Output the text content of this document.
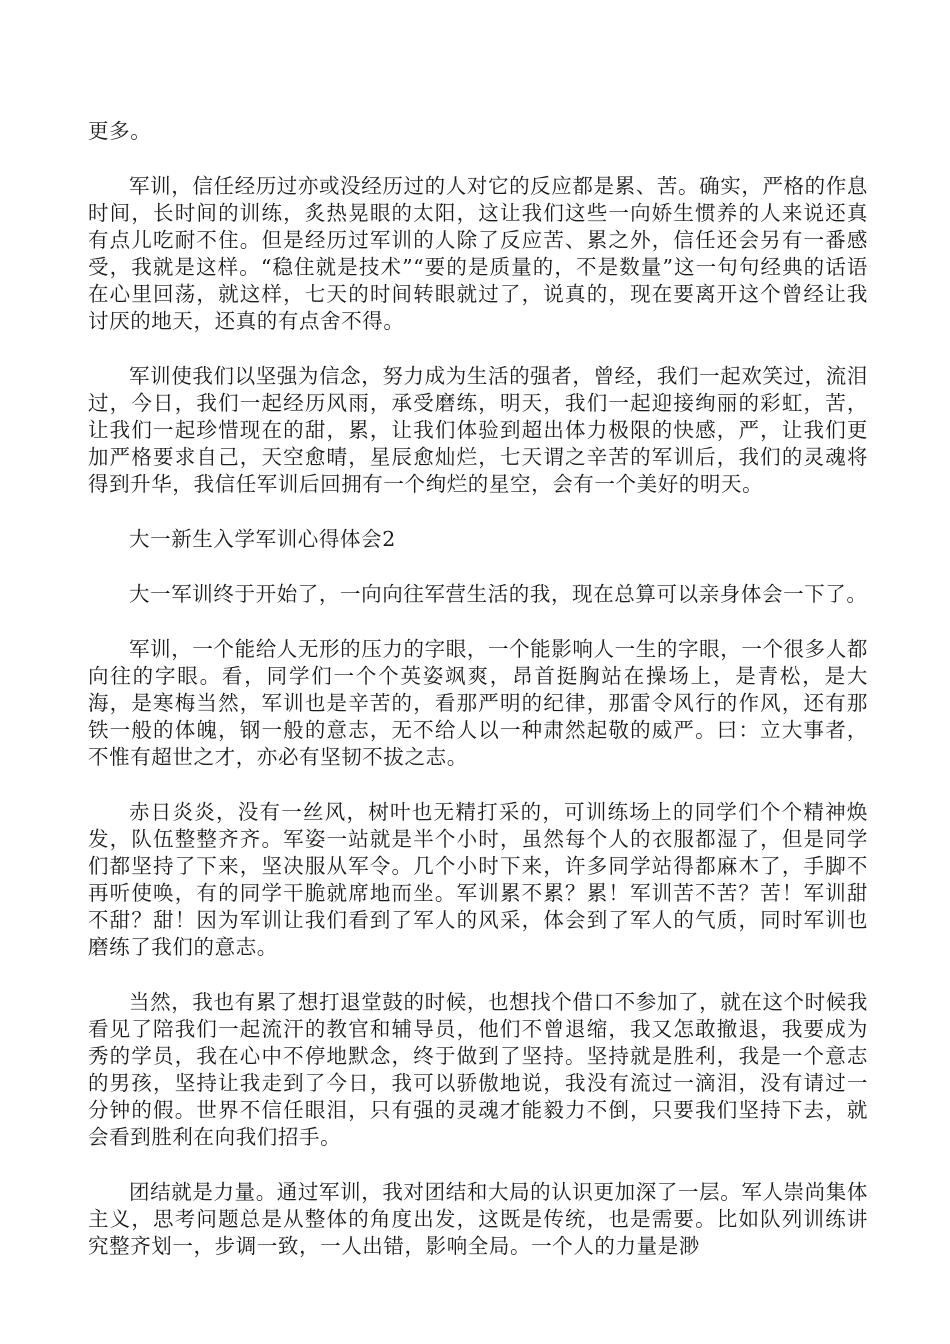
更多。

军训，信任经历过亦或没经历过的人对它的反应都是累、苦。确实，严格的作息时间，长时间的训练，炙热晃眼的太阳，这让我们这些一向娇生惯养的人来说还真有点儿吃耐不住。但是经历过军训的人除了反应苦、累之外，信任还会另有一番感受，我就是这样。“稳住就是技术”“要的是质量的，不是数量”这一句句经典的话语在心里回荡，就这样，七天的时间转眼就过了，说真的，现在要离开这个曾经让我讨厌的地天，还真的有点舍不得。

军训使我们以坚强为信念，努力成为生活的强者，曾经，我们一起欢笑过，流泪过，今日，我们一起经历风雨，承受磨练，明天，我们一起迎接绚丽的彩虹，苦，让我们一起珍惜现在的甜，累，让我们体验到超出体力极限的快感，严，让我们更加严格要求自己，天空愈晴，星辰愈灿烂，七天谓之辛苦的军训后，我们的灵魂将得到升华，我信任军训后回拥有一个绚烂的星空，会有一个美好的明天。

大一新生入学军训心得体会2

大一军训终于开始了，一向向往军营生活的我，现在总算可以亲身体会一下了。

军训，一个能给人无形的压力的字眼，一个能影响人一生的字眼，一个很多人都向往的字眼。看，同学们一个个英姿飒爽，昂首挺胸站在操场上，是青松，是大海，是寒梅当然，军训也是辛苦的，看那严明的纪律，那雷令风行的作风，还有那铁一般的体魄，钢一般的意志，无不给人以一种肃然起敬的威严。曰：立大事者，不惟有超世之才，亦必有坚韧不拔之志。

赤日炎炎，没有一丝风，树叶也无精打采的，可训练场上的同学们个个精神焕发，队伍整整齐齐。军姿一站就是半个小时，虽然每个人的衣服都湿了，但是同学们都坚持了下来，坚决服从军令。几个小时下来，许多同学站得都麻木了，手脚不再听使唤，有的同学干脆就席地而坐。军训累不累？累！军训苦不苦？苦！军训甜不甜？甜！因为军训让我们看到了军人的风采，体会到了军人的气质，同时军训也磨练了我们的意志。

当然，我也有累了想打退堂鼓的时候，也想找个借口不参加了，就在这个时候我看见了陪我们一起流汗的教官和辅导员，他们不曾退缩，我又怎敢撤退，我要成为秀的学员，我在心中不停地默念，终于做到了坚持。坚持就是胜利，我是一个意志的男孩，坚持让我走到了今日，我可以骄傲地说，我没有流过一滴泪，没有请过一分钟的假。世界不信任眼泪，只有强的灵魂才能毅力不倒，只要我们坚持下去，就会看到胜利在向我们招手。

团结就是力量。通过军训，我对团结和大局的认识更加深了一层。军人崇尚集体主义，思考问题总是从整体的角度出发，这既是传统，也是需要。比如队列训练讲究整齐划一，步调一致，一人出错，影响全局。一个人的力量是渺
